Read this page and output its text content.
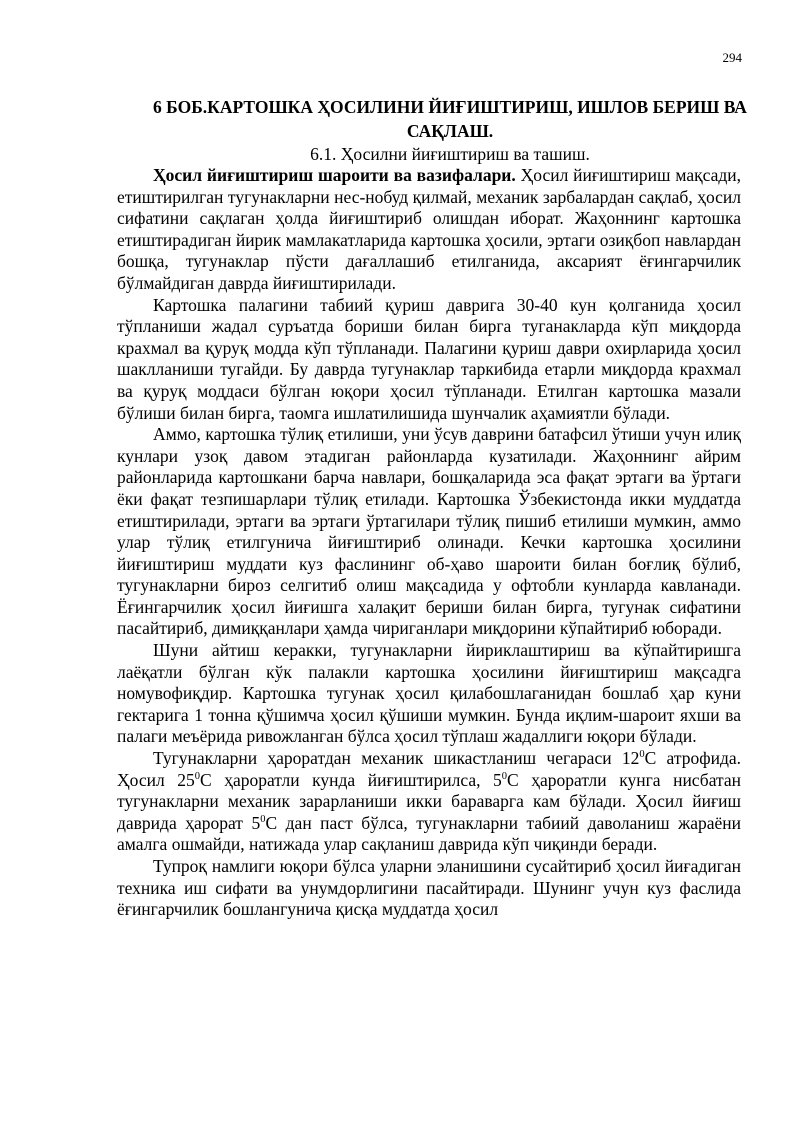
294
6 БОБ.КАРТОШКА ҲОСИЛИНИ ЙИҒИШТИРИШ, ИШЛОВ БЕРИШ ВА САҚЛАШ.
6.1. Ҳосилни йиғиштириш ва ташиш.

Ҳосил йиғиштириш шароити ва вазифалари. Ҳосил йиғиштириш мақсади, етиштирилган тугунакларни нес-нобуд қилмай, механик зарбалардан сақлаб, ҳосил сифатини сақлаган ҳолда йиғиштириб олишдан иборат. Жаҳоннинг картошка етиштирадиган йирик мамлакатларида картошка ҳосили, эртаги озиқбоп навлардан бошқа, тугунаклар пўсти дағаллашиб етилганида, аксарият ёғингарчилик бўлмайдиган даврда йиғиштирилади.

Картошка палагини табиий қуриш даврига 30-40 кун қолганида ҳосил тўпланиши жадал суръатда бориши билан бирга туганакларда кўп миқдорда крахмал ва қуруқ модда кўп тўпланади. Палагини қуриш даври охирларида ҳосил шаклланиши тугайди. Бу даврда тугунаклар таркибида етарли миқдорда крахмал ва қуруқ моддаси бўлган юқори ҳосил тўпланади. Етилган картошка мазали бўлиши билан бирга, таомга ишлатилишида шунчалик аҳамиятли бўлади.

Аммо, картошка тўлиқ етилиши, уни ўсув даврини батафсил ўтиши учун илиқ кунлари узоқ давом этадиган районларда кузатилади. Жаҳоннинг айрим районларида картошкани барча навлари, бошқаларида эса фақат эртаги ва ўртаги ёки фақат тезпишарлари тўлиқ етилади. Картошка Ўзбекистонда икки муддатда етиштирилади, эртаги ва эртаги ўртагилари тўлиқ пишиб етилиши мумкин, аммо улар тўлиқ етилгунича йиғиштириб олинади. Кечки картошка ҳосилини йиғиштириш муддати куз фаслининг об-ҳаво шароити билан боғлиқ бўлиб, тугунакларни бироз селгитиб олиш мақсадида у офтобли кунларда кавланади. Ёғингарчилик ҳосил йиғишга халақит бериши билан бирга, тугунак сифатини пасайтириб, димиққанлари ҳамда чириганлари миқдорини кўпайтириб юборади.

Шуни айтиш керакки, тугунакларни йириклаштириш ва кўпайтиришга лаёқатли бўлган кўк палакли картошка ҳосилини йиғиштириш мақсадга номувофиқдир. Картошка тугунак ҳосил қилабошлаганидан бошлаб ҳар куни гектарига 1 тонна қўшимча ҳосил қўшиши мумкин. Бунда иқлим-шароит яхши ва палаги меъёрида ривожланган бўлса ҳосил тўплаш жадаллиги юқори бўлади.

Тугунакларни ҳароратдан механик шикастланиш чегараси $12^0С$ атрофида. Ҳосил $25^0С$ ҳароратли кунда йиғиштирилса, $5^0С$ ҳароратли кунга нисбатан тугунакларни механик зарарланиши икки бараварга кам бўлади. Ҳосил йиғиш даврида ҳарорат $5^0С$ дан паст бўлса, тугунакларни табиий даволаниш жараёни амалга ошмайди, натижада улар сақланиш даврида кўп чиқинди беради.

Тупроқ намлиги юқори бўлса уларни эланишини сусайтириб ҳосил йиғадиган техника иш сифати ва унумдорлигини пасайтиради. Шунинг учун куз фаслида ёғингарчилик бошлангунича қисқа муддатда ҳосил
